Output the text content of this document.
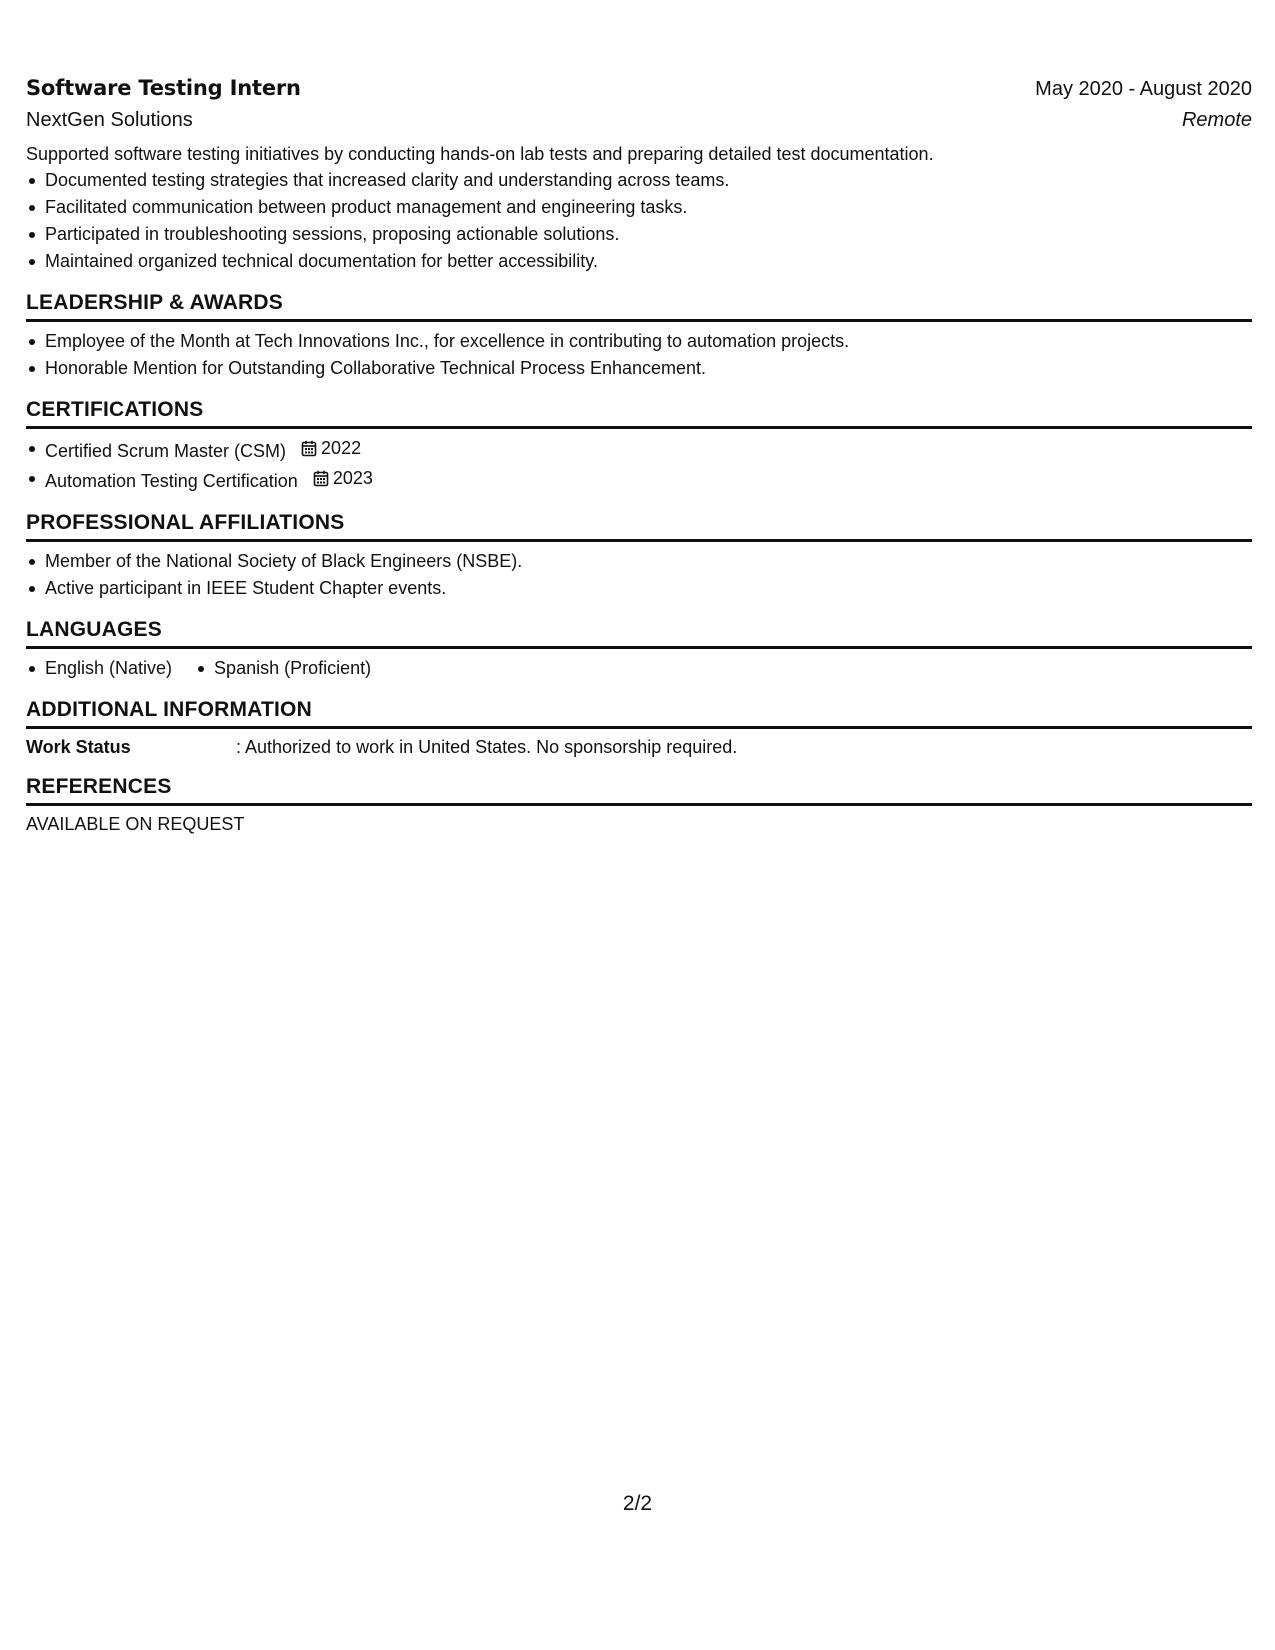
Software Testing Intern	May 2020 - August 2020
NextGen Solutions	Remote
Supported software testing initiatives by conducting hands-on lab tests and preparing detailed test documentation.
Documented testing strategies that increased clarity and understanding across teams.
Facilitated communication between product management and engineering tasks.
Participated in troubleshooting sessions, proposing actionable solutions.
Maintained organized technical documentation for better accessibility.
LEADERSHIP & AWARDS
Employee of the Month at Tech Innovations Inc., for excellence in contributing to automation projects.
Honorable Mention for Outstanding Collaborative Technical Process Enhancement.
CERTIFICATIONS
Certified Scrum Master (CSM) 2022
Automation Testing Certification 2023
PROFESSIONAL AFFILIATIONS
Member of the National Society of Black Engineers (NSBE).
Active participant in IEEE Student Chapter events.
LANGUAGES
English (Native) Spanish (Proficient)
ADDITIONAL INFORMATION
Work Status	: Authorized to work in United States. No sponsorship required.
REFERENCES
AVAILABLE ON REQUEST
2/2
